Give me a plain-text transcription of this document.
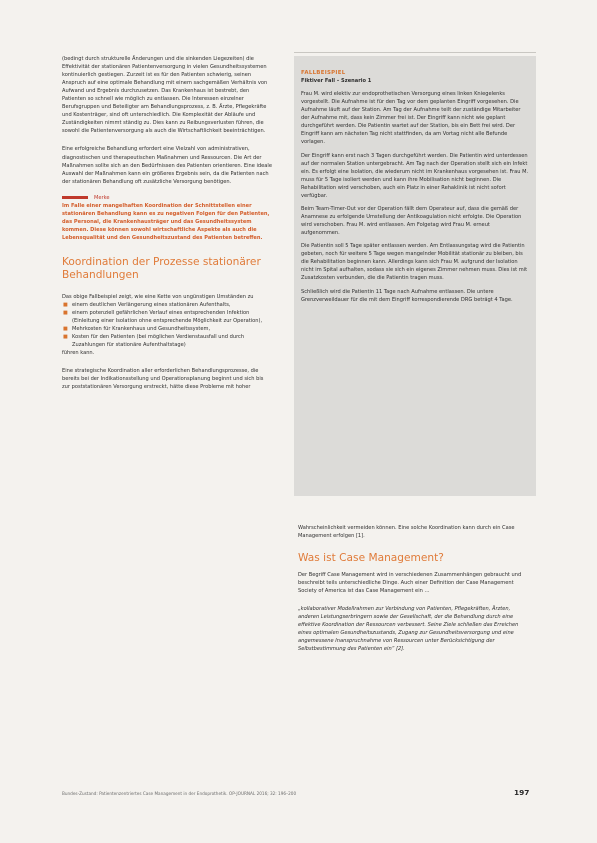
(bedingt durch strukturelle Änderungen und die sinkenden Liegezeiten) die Effektivität der stationären Patientenversorgung in vielen Gesundheitssystemen kontinuierlich gestiegen. Zurzeit ist es für den Patienten schwierig, seinen Anspruch auf eine optimale Behandlung mit einem sachgemäßen Verhältnis von Aufwand und Ergebnis durchzusetzen. Das Krankenhaus ist bestrebt, den Patienten so schnell wie möglich zu entlassen. Die Interessen einzelner Berufsgruppen und Beteiligter am Behandlungsprozess, z. B. Ärzte, Pflegekräfte und Kostenträger, sind oft unterschiedlich. Die Komplexität der Abläufe und Zuständigkeiten nimmt ständig zu. Dies kann zu Reibungsverlusten führen, die sowohl die Patientenversorgung als auch die Wirtschaftlichkeit beeinträchtigen.

Eine erfolgreiche Behandlung erfordert eine Vielzahl von administrativen, diagnostischen und therapeutischen Maßnahmen und Ressourcen. Die Art der Maßnahmen sollte sich an den Bedürfnissen des Patienten orientieren. Eine ideale Auswahl der Maßnahmen kann ein größeres Ergebnis sein, da die Patienten nach der stationären Behandlung oft zusätzliche Versorgung benötigen.

Merke

Im Falle einer mangelhaften Koordination der Schnittstellen einer stationären Behandlung kann es zu negativen Folgen für den Patienten, das Personal, die Krankenhausträger und das Gesundheitssystem kommen. Diese können sowohl wirtschaftliche Aspekte als auch die Lebensqualität und den Gesundheitszustand des Patienten betreffen.

Koordination der Prozesse stationärer Behandlungen

Das obige Fallbeispiel zeigt, wie eine Kette von ungünstigen Umständen zu

■ einem deutlichen Verlängerung eines stationären Aufenthalts,
■ einem potenziell gefährlichen Verlauf eines entsprechenden Infektion (Einleitung einer Isolation ohne entsprechende Möglichkeit zur Operation),
■ Mehrkosten für Krankenhaus und Gesundheitssystem,
■ Kosten für den Patienten (bei möglichen Verdienstausfall und durch Zuzahlungen für stationäre Aufenthaltstage)

führen kann.

Eine strategische Koordination aller erforderlichen Behandlungsprozesse, die bereits bei der Indikationsstellung und Operationsplanung beginnt und sich bis zur poststationären Versorgung erstreckt, hätte diese Probleme mit hoher

FALLBEISPIEL
Fiktiver Fall – Szenario 1

Frau M. wird elektiv zur endoprothetischen Versorgung eines linken Kniegelenks vorgestellt. Die Aufnahme ist für den Tag vor dem geplanten Eingriff vorgesehen. Die Aufnahme läuft auf der Station. Am Tag der Aufnahme teilt der zuständige Mitarbeiter der Aufnahme mit, dass kein Zimmer frei ist. Der Eingriff kann nicht wie geplant durchgeführt werden. Die Patientin wartet auf der Station, bis ein Bett frei wird. Der Eingriff kann am nächsten Tag nicht stattfinden, da am Vortag nicht alle Befunde vorlagen.

Der Eingriff kann erst nach 3 Tagen durchgeführt werden. Die Patientin wird unterdessen auf der normalen Station untergebracht. Am Tag nach der Operation stellt sich ein Infekt ein. Es erfolgt eine Isolation, die wiederum nicht im Krankenhaus vorgesehen ist. Frau M. muss für 5 Tage isoliert werden und kann ihre Mobilisation nicht beginnen. Die Rehabilitation wird verschoben, auch ein Platz in einer Rehaklinik ist nicht sofort verfügbar.

Beim Team-Timer-Out vor der Operation fällt dem Operateur auf, dass die gemäß der Anamnese zu erfolgende Umstellung der Antikoagulation nicht erfolgte. Die Operation wird verschoben. Frau M. wird entlassen. Am Folgetag wird Frau M. erneut aufgenommen.

Die Patientin soll 5 Tage später entlassen werden. Am Entlassungstag wird die Patientin gebeten, noch für weitere 5 Tage wegen mangelnder Mobilität stationär zu bleiben, bis die Rehabilitation beginnen kann. Allerdings kann sich Frau M. aufgrund der Isolation nicht im Spital aufhalten, sodass sie sich ein eigenes Zimmer nehmen muss. Dies ist mit Zusatzkosten verbunden, die die Patientin tragen muss.

Schließlich wird die Patientin 11 Tage nach Aufnahme entlassen. Die untere Grenzverweildauer für die mit dem Eingriff korrespondierende DRG beträgt 4 Tage.

Wahrscheinlichkeit vermeiden können. Eine solche Koordination kann durch ein Case Management erfolgen [1].

Was ist Case Management?

Der Begriff Case Management wird in verschiedenen Zusammenhängen gebraucht und beschreibt teils unterschiedliche Dinge. Auch einer Definition der Case Management Society of America ist das Case Management ein …

„kollaborativer Modellrahmen zur Verbindung von Patienten, Pflegekräften, Ärzten, anderen Leistungserbringern sowie der Gesellschaft, der die Behandlung durch eine effektive Koordination der Ressourcen verbessert. Seine Ziele schließen das Erreichen eines optimalen Gesundheitszustands, Zugang zur Gesundheitsversorgung und eine angemessene Inanspruchnahme von Ressourcen unter Berücksichtigung der Selbstbestimmung des Patienten ein“ [2].

Bundes-Zustand: Patientenzentriertes Case Management in der Endoprothetik. OP-JOURNAL 2016; 32: 196–200	197
